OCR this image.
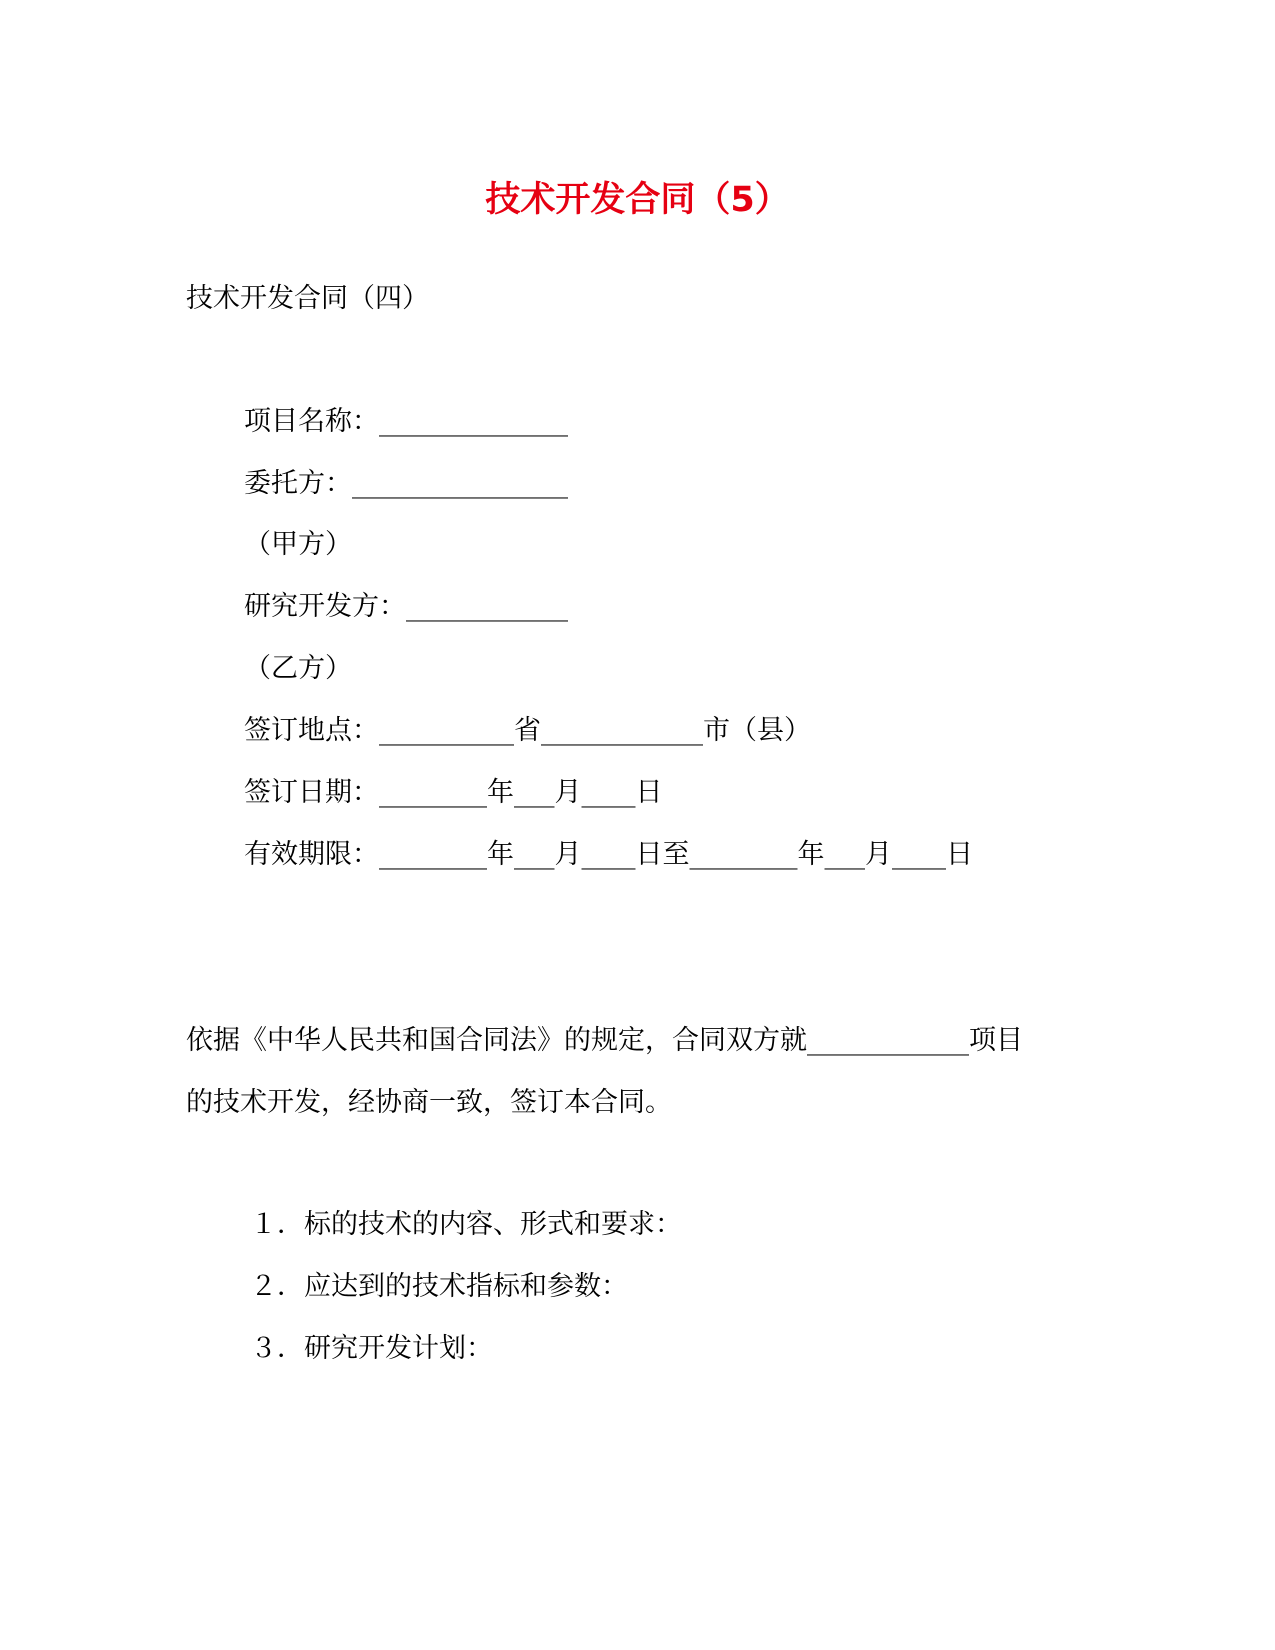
技术开发合同（5）
技术开发合同（四）
项目名称：______________
委托方：________________
（甲方）
研究开发方：____________
（乙方）
签订地点：__________省____________市（县）
签订日期：________年___月____日
有效期限：________年___月____日至________年___月____日
依据《中华人民共和国合同法》的规定，合同双方就____________项目
的技术开发，经协商一致，签订本合同。
１．标的技术的内容、形式和要求：
２．应达到的技术指标和参数：
３．研究开发计划：
